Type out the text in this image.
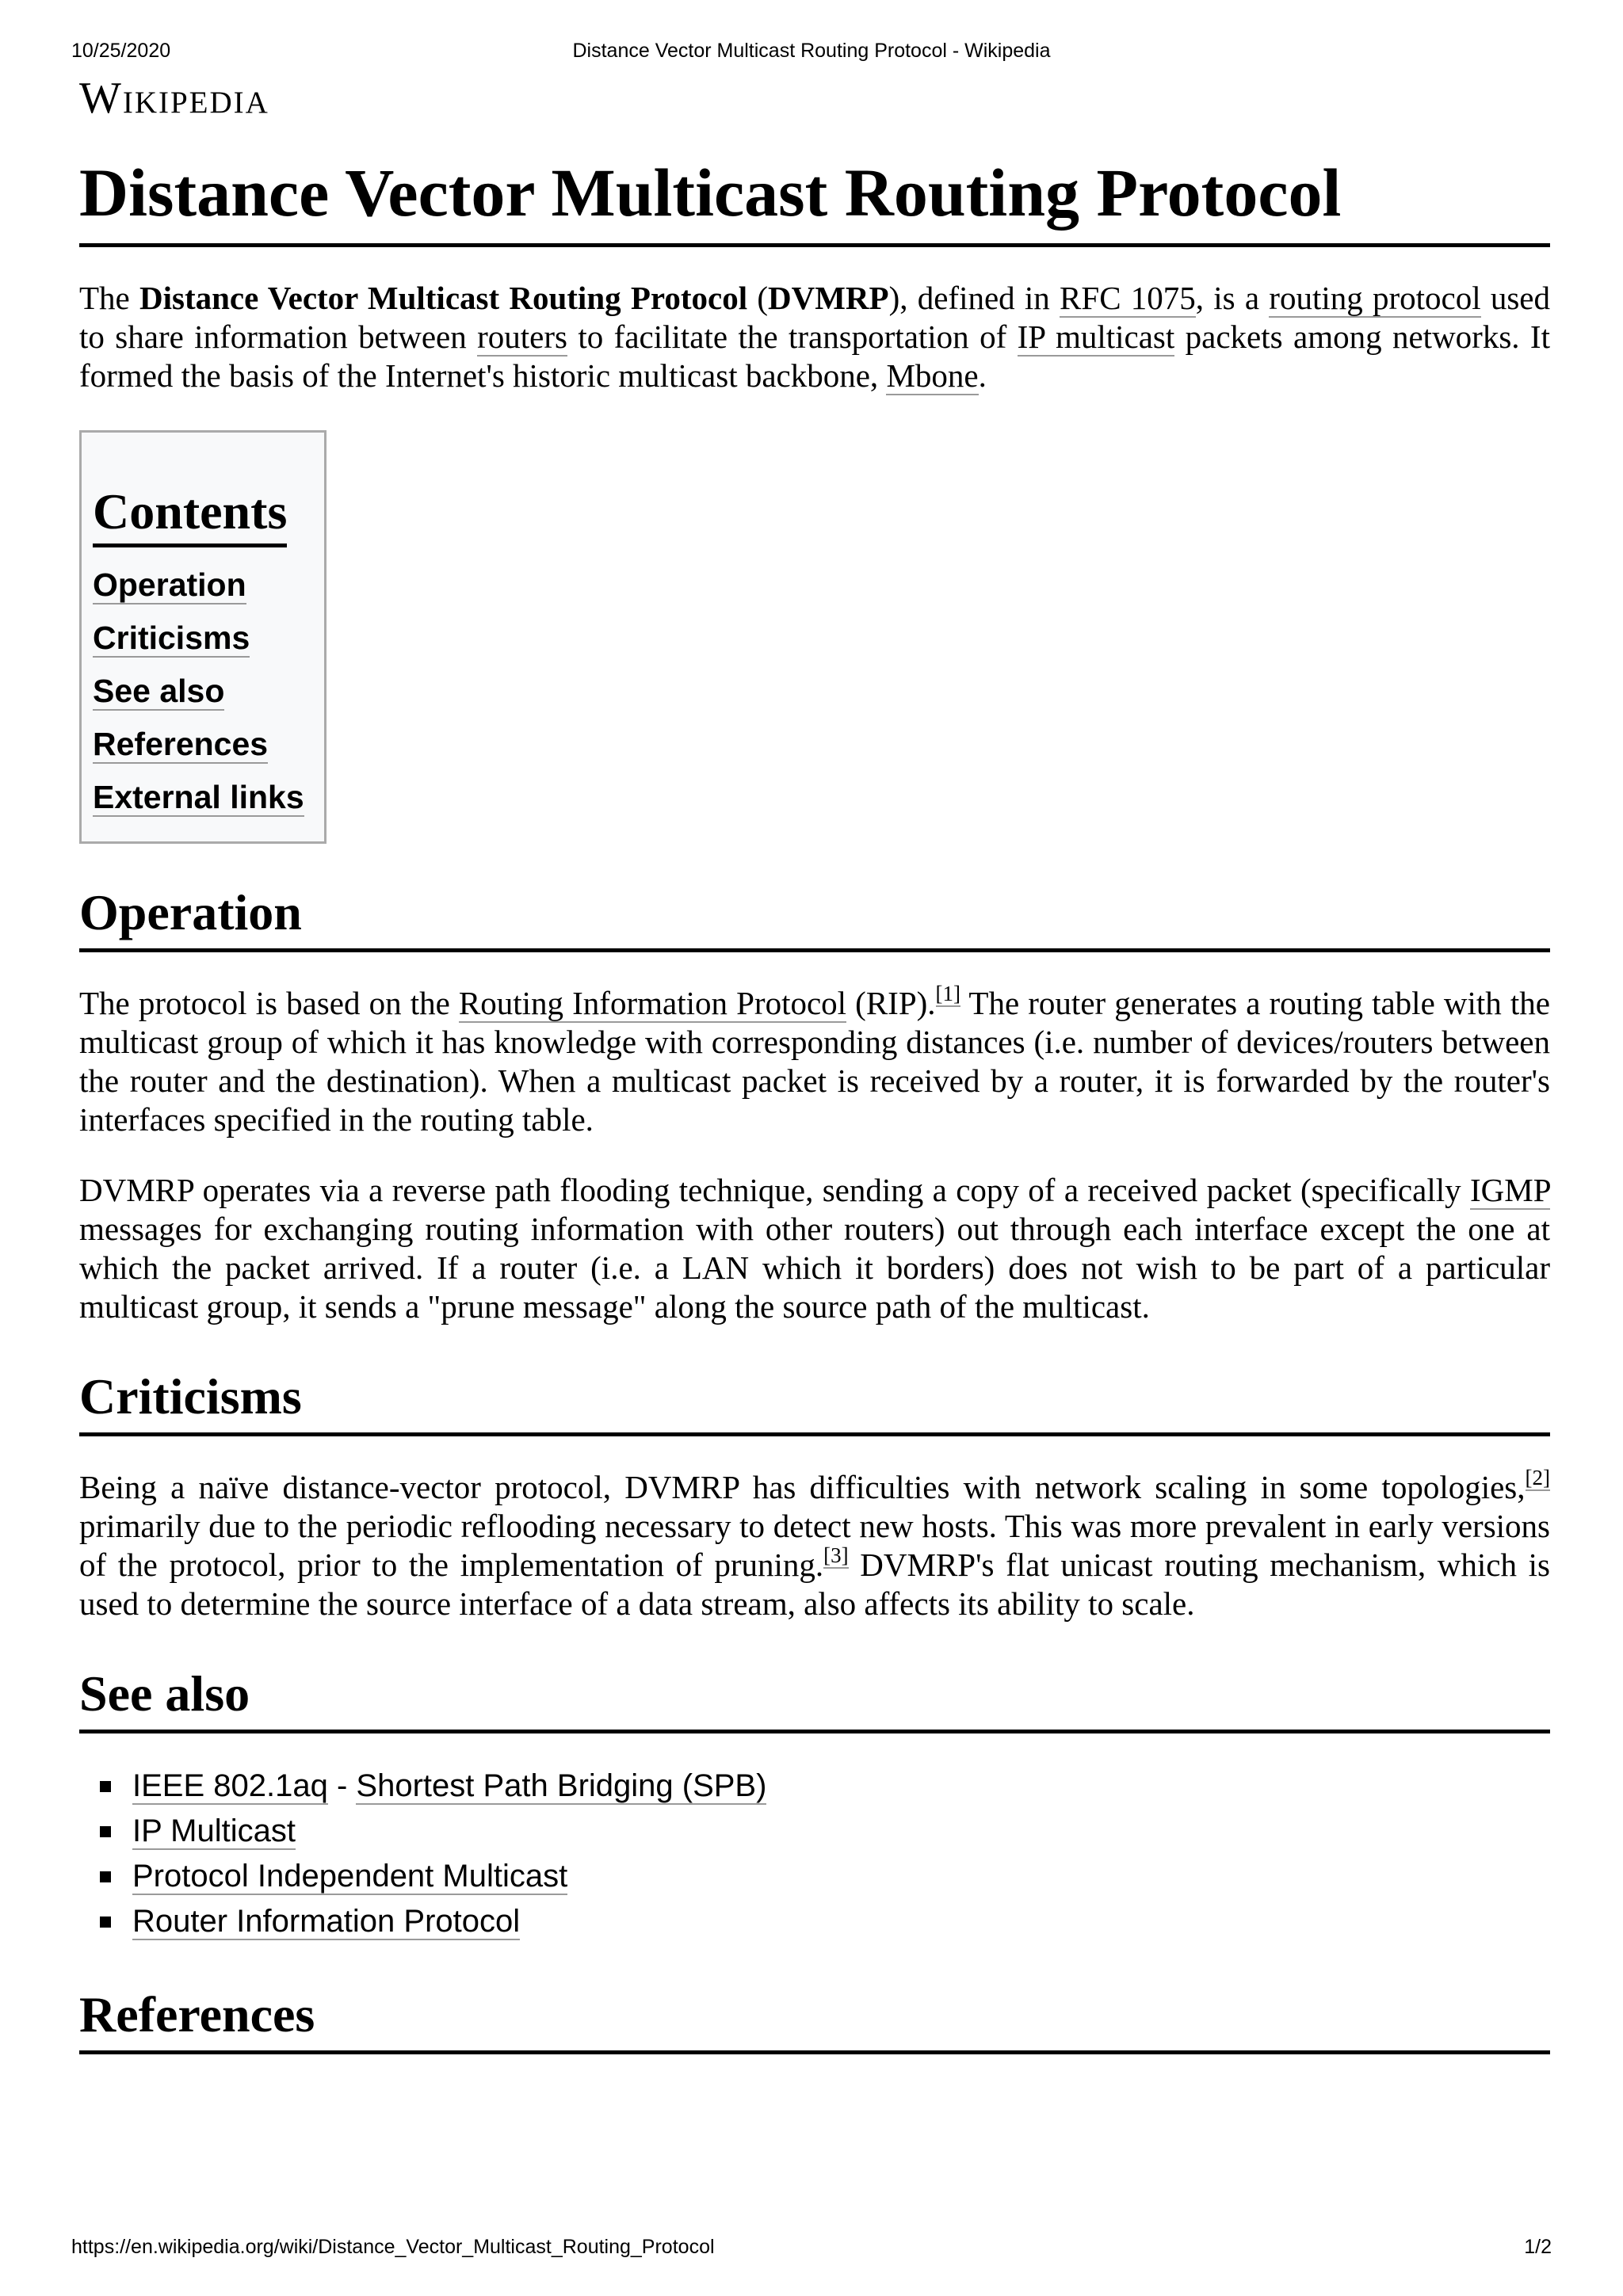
10/25/2020	Distance Vector Multicast Routing Protocol - Wikipedia
Wikipedia
Distance Vector Multicast Routing Protocol

The Distance Vector Multicast Routing Protocol (DVMRP), defined in RFC 1075, is a routing protocol used to share information between routers to facilitate the transportation of IP multicast packets among networks. It formed the basis of the Internet's historic multicast backbone, Mbone.

Contents
Operation
Criticisms
See also
References
External links
Operation

The protocol is based on the Routing Information Protocol (RIP).[1] The router generates a routing table with the multicast group of which it has knowledge with corresponding distances (i.e. number of devices/routers between the router and the destination). When a multicast packet is received by a router, it is forwarded by the router's interfaces specified in the routing table.

DVMRP operates via a reverse path flooding technique, sending a copy of a received packet (specifically IGMP messages for exchanging routing information with other routers) out through each interface except the one at which the packet arrived. If a router (i.e. a LAN which it borders) does not wish to be part of a particular multicast group, it sends a "prune message" along the source path of the multicast.

Criticisms

Being a naïve distance-vector protocol, DVMRP has difficulties with network scaling in some topologies,[2] primarily due to the periodic reflooding necessary to detect new hosts. This was more prevalent in early versions of the protocol, prior to the implementation of pruning.[3] DVMRP's flat unicast routing mechanism, which is used to determine the source interface of a data stream, also affects its ability to scale.

See also
IEEE 802.1aq - Shortest Path Bridging (SPB)
IP Multicast
Protocol Independent Multicast
Router Information Protocol
References
https://en.wikipedia.org/wiki/Distance_Vector_Multicast_Routing_Protocol	1/2
